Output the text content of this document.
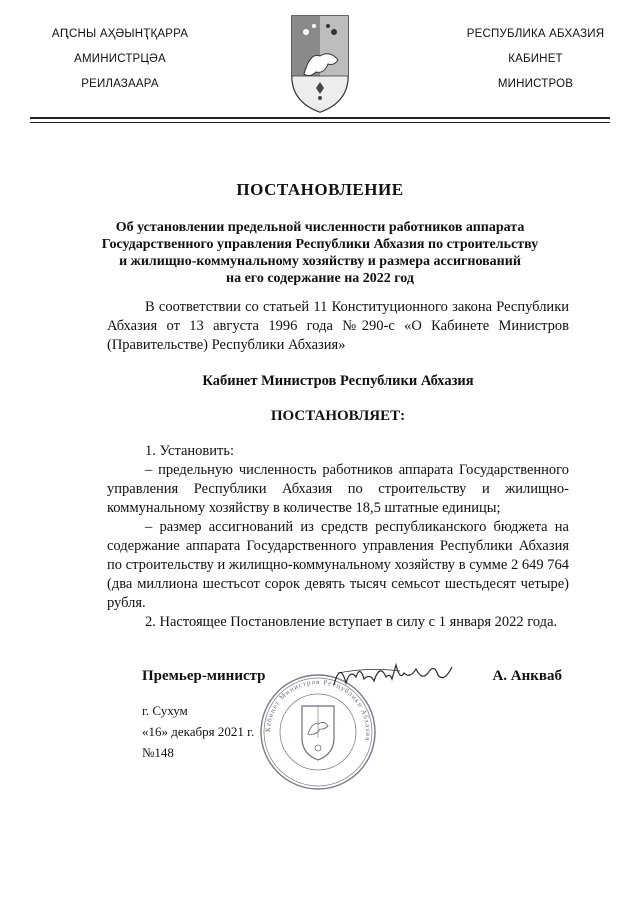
АԤСНЫ АҲӘЫНҬҚАРРА
АМИНИСТРЦӘА
РЕИЛАЗААРА
РЕСПУБЛИКА АБХАЗИЯ
КАБИНЕТ
МИНИСТРОВ
ПОСТАНОВЛЕНИЕ
Об установлении предельной численности работников аппарата
Государственного управления Республики Абхазия по строительству
и жилищно-коммунальному хозяйству и размера ассигнований
на его содержание на 2022 год

В соответствии со статьей 11 Конституционного закона Республики Абхазия от 13 августа 1996 года №290-с «О Кабинете Министров (Правительстве) Республики Абхазия»

Кабинет Министров Республики Абхазия
ПОСТАНОВЛЯЕТ:

1. Установить:

– предельную численность работников аппарата Государственного управления Республики Абхазия по строительству и жилищно-коммунальному хозяйству в количестве 18,5 штатные единицы;

– размер ассигнований из средств республиканского бюджета на содержание аппарата Государственного управления Республики Абхазия по строительству и жилищно-коммунальному хозяйству в сумме 2 649 764 (два миллиона шестьсот сорок девять тысяч семьсот шестьдесят четыре) рубля.

2. Настоящее Постановление вступает в силу с 1 января 2022 года.

Кабинет Министров Республики Абхазия
Премьер-министр	А. Анкваб
г. Сухум
«16» декабря 2021 г.
№148
